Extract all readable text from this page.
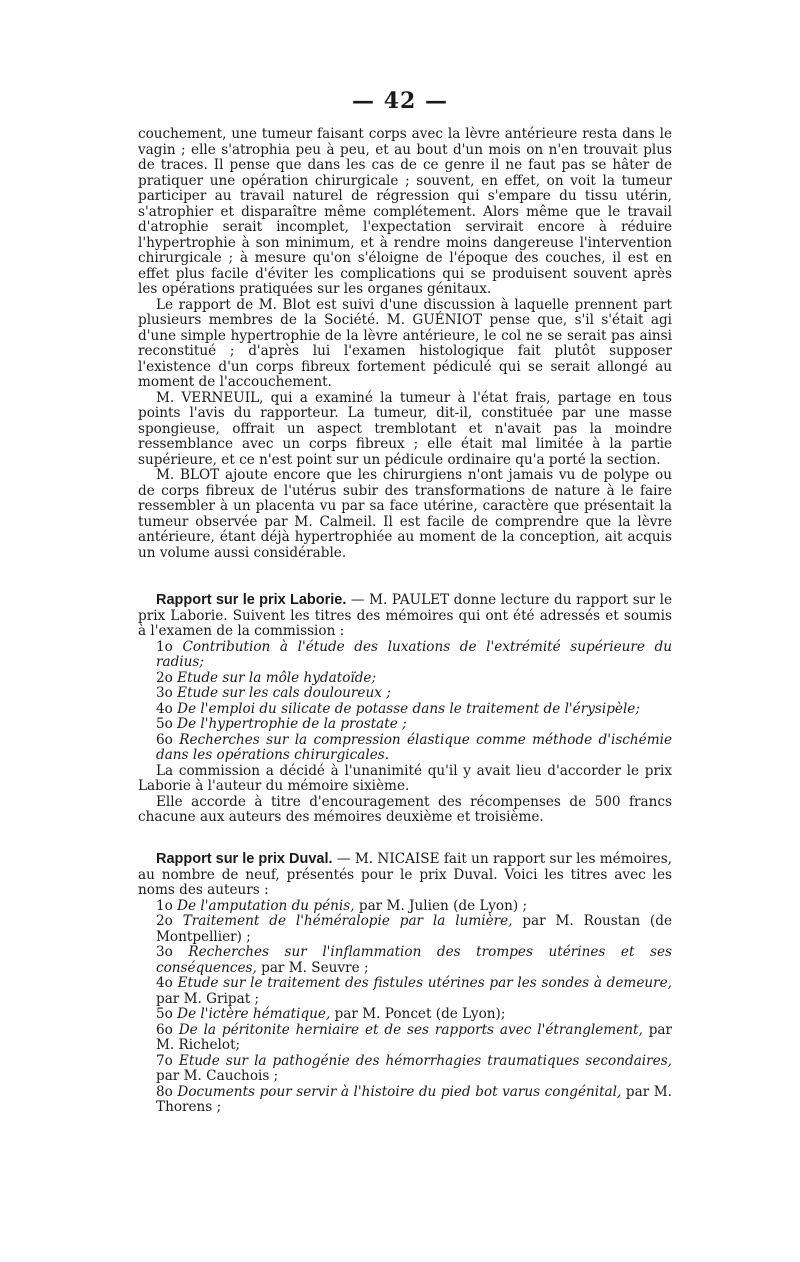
— 42 —

couchement, une tumeur faisant corps avec la lèvre antérieure resta dans le vagin ; elle s'atrophia peu à peu, et au bout d'un mois on n'en trouvait plus de traces. Il pense que dans les cas de ce genre il ne faut pas se hâter de pratiquer une opération chirurgicale ; souvent, en effet, on voit la tumeur participer au travail naturel de régression qui s'empare du tissu utérin, s'atrophier et disparaître même complétement. Alors même que le travail d'atrophie serait incomplet, l'expectation servirait encore à réduire l'hypertrophie à son minimum, et à rendre moins dangereuse l'intervention chirurgicale ; à mesure qu'on s'éloigne de l'époque des couches, il est en effet plus facile d'éviter les complications qui se produisent souvent après les opérations pratiquées sur les organes génitaux.

Le rapport de M. Blot est suivi d'une discussion à laquelle prennent part plusieurs membres de la Société. M. GUÉNIOT pense que, s'il s'était agi d'une simple hypertrophie de la lèvre antérieure, le col ne se serait pas ainsi reconstitué ; d'après lui l'examen histologique fait plutôt supposer l'existence d'un corps fibreux fortement pédiculé qui se serait allongé au moment de l'accouchement.

M. VERNEUIL, qui a examiné la tumeur à l'état frais, partage en tous points l'avis du rapporteur. La tumeur, dit-il, constituée par une masse spongieuse, offrait un aspect tremblotant et n'avait pas la moindre ressemblance avec un corps fibreux ; elle était mal limitée à la partie supérieure, et ce n'est point sur un pédicule ordinaire qu'a porté la section.

M. BLOT ajoute encore que les chirurgiens n'ont jamais vu de polype ou de corps fibreux de l'utérus subir des transformations de nature à le faire ressembler à un placenta vu par sa face utérine, caractère que présentait la tumeur observée par M. Calmeil. Il est facile de comprendre que la lèvre antérieure, étant déjà hypertrophiée au moment de la conception, ait acquis un volume aussi considérable.

Rapport sur le prix Laborie. — M. PAULET donne lecture du rapport sur le prix Laborie. Suivent les titres des mémoires qui ont été adressés et soumis à l'examen de la commission :

1o Contribution à l'étude des luxations de l'extrémité supérieure du radius;

2o Etude sur la môle hydatoïde;

3o Etude sur les cals douloureux ;

4o De l'emploi du silicate de potasse dans le traitement de l'érysipèle;

5o De l'hypertrophie de la prostate ;

6o Recherches sur la compression élastique comme méthode d'ischémie dans les opérations chirurgicales.

La commission a décidé à l'unanimité qu'il y avait lieu d'accorder le prix Laborie à l'auteur du mémoire sixième.

Elle accorde à titre d'encouragement des récompenses de 500 francs chacune aux auteurs des mémoires deuxième et troisième.

Rapport sur le prix Duval. — M. NICAISE fait un rapport sur les mémoires, au nombre de neuf, présentés pour le prix Duval. Voici les titres avec les noms des auteurs :

1o De l'amputation du pénis, par M. Julien (de Lyon) ;

2o Traitement de l'héméralopie par la lumière, par M. Roustan (de Montpellier) ;

3o Recherches sur l'inflammation des trompes utérines et ses conséquences, par M. Seuvre ;

4o Etude sur le traitement des fistules utérines par les sondes à demeure, par M. Gripat ;

5o De l'ictère hématique, par M. Poncet (de Lyon);

6o De la péritonite herniaire et de ses rapports avec l'étranglement, par M. Richelot;

7o Etude sur la pathogénie des hémorrhagies traumatiques secondaires, par M. Cauchois ;

8o Documents pour servir à l'histoire du pied bot varus congénital, par M. Thorens ;
